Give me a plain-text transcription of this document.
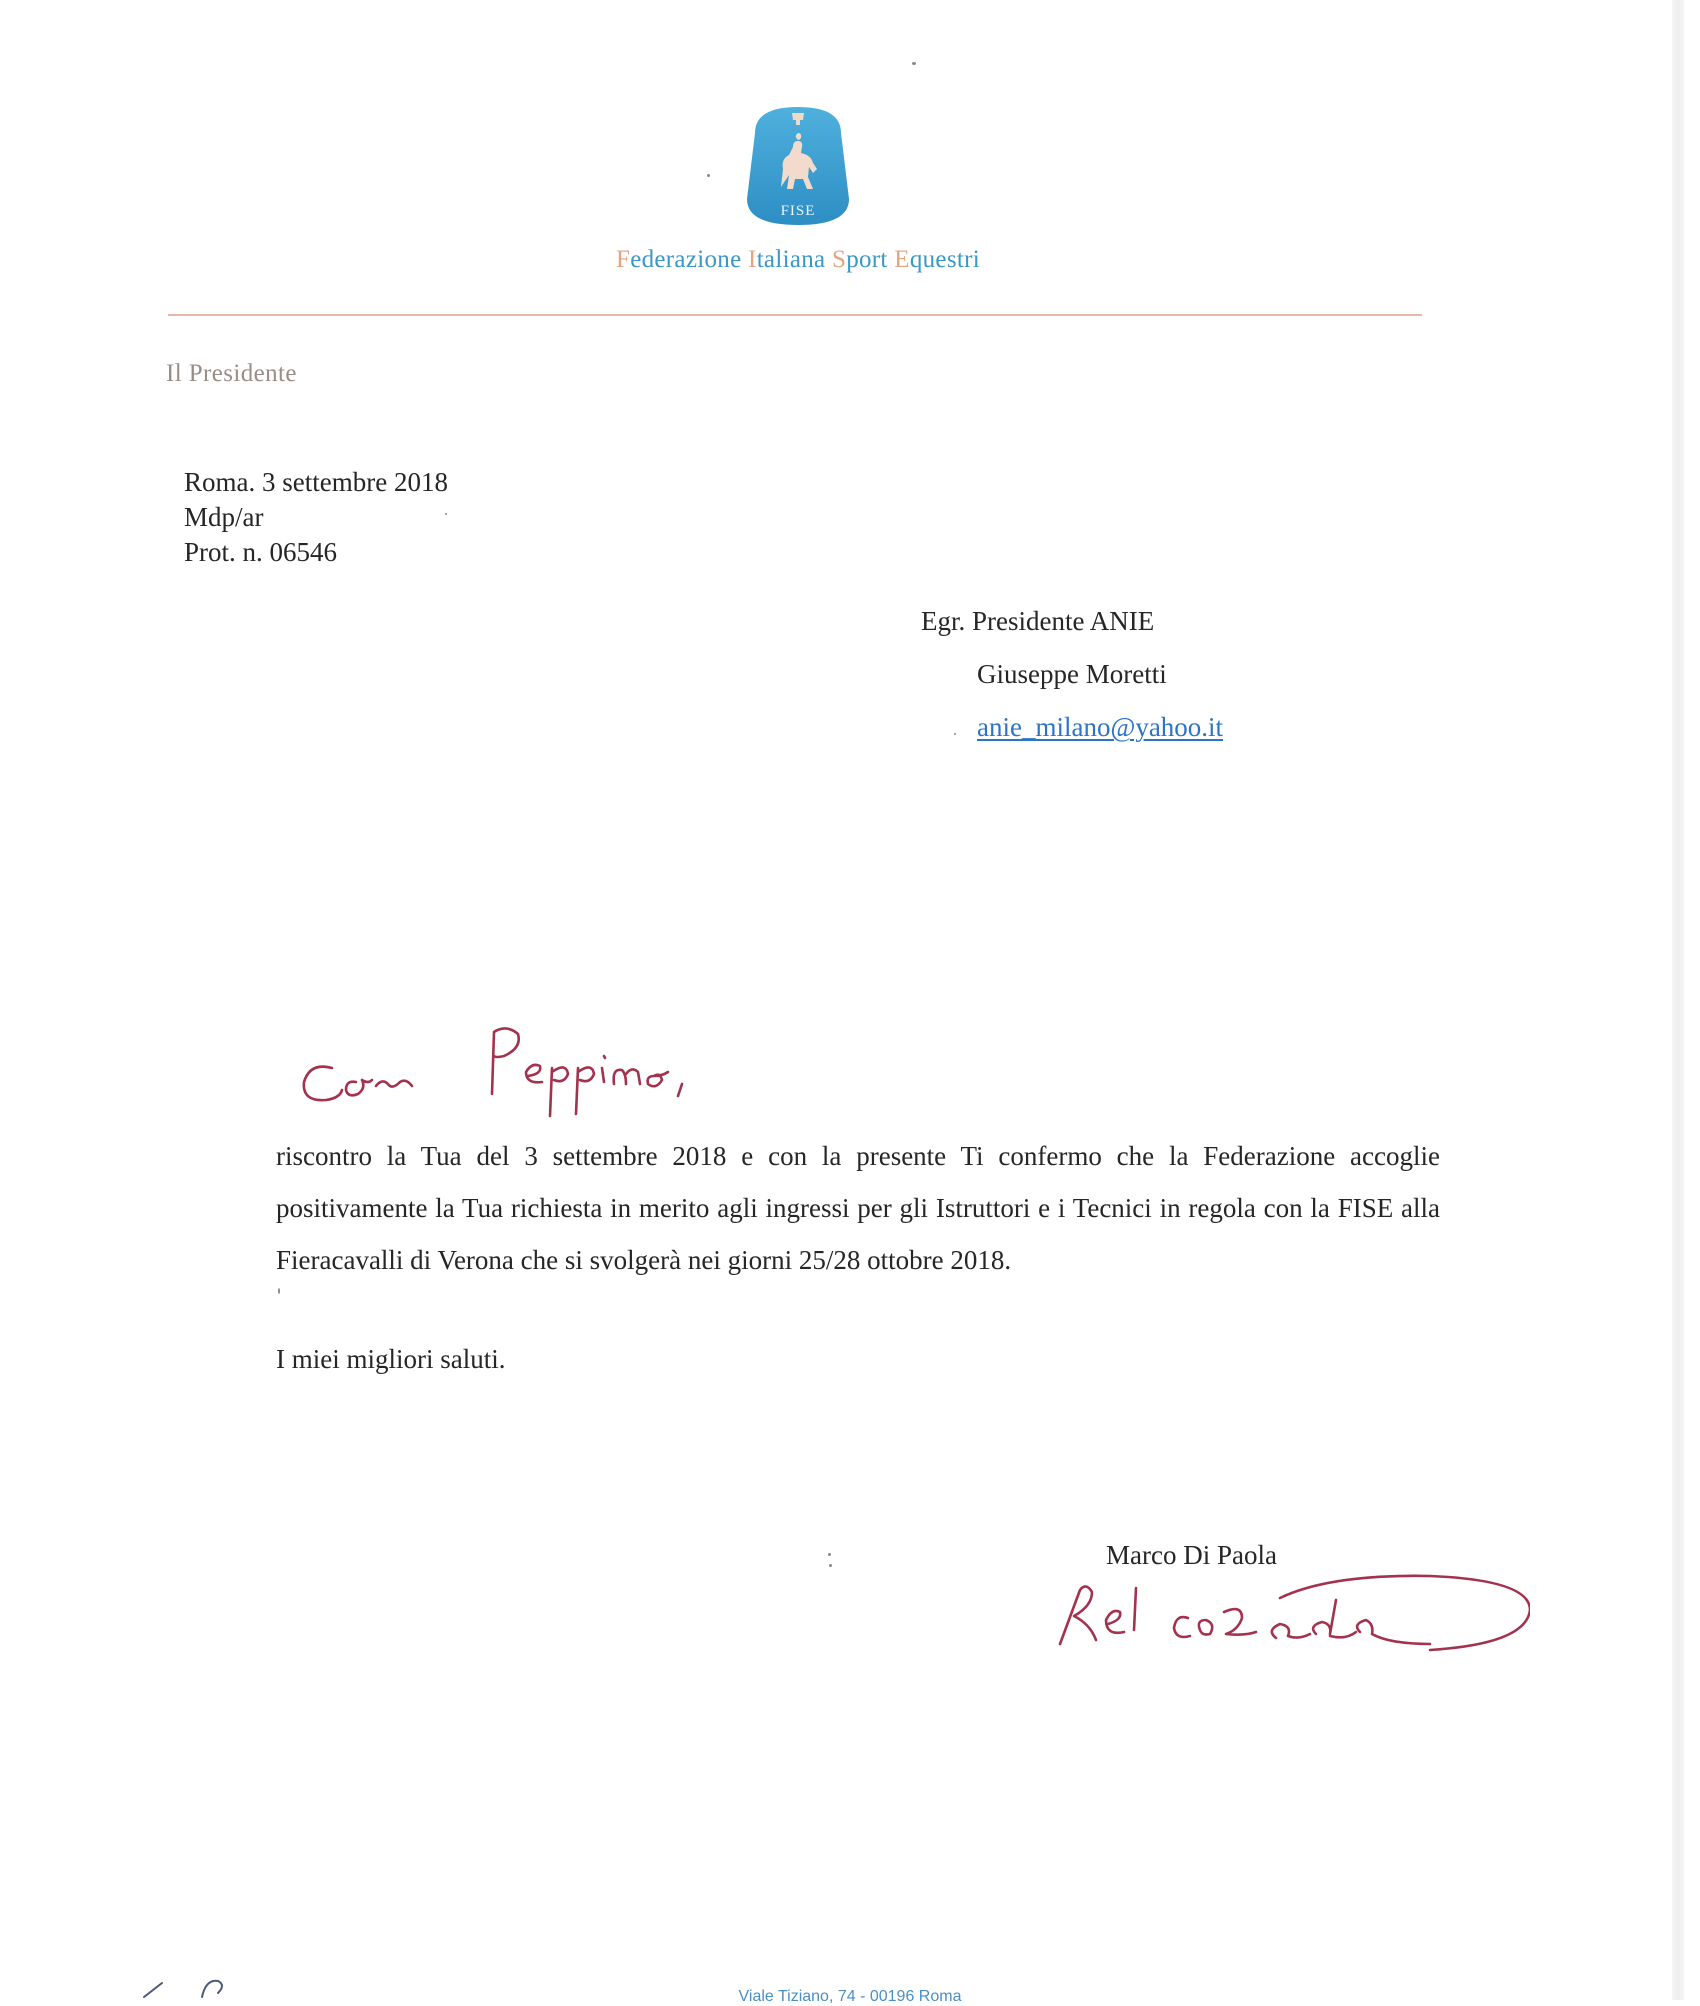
FISE
Federazione Italiana Sport Equestri
Il Presidente
Roma. 3 settembre 2018
Mdp/ar
Prot. n. 06546
Egr. Presidente ANIE
Giuseppe Moretti
anie_milano@yahoo.it

riscontro la Tua del 3 settembre 2018 e con la presente Ti confermo che la Federazione accoglie positivamente la Tua richiesta in merito agli ingressi per gli Istruttori e i Tecnici in regola con la FISE alla Fieracavalli di Verona che si svolgerà nei giorni 25/28 ottobre 2018.

I miei migliori saluti.
Marco Di Paola
Viale Tiziano, 74 - 00196 Roma
